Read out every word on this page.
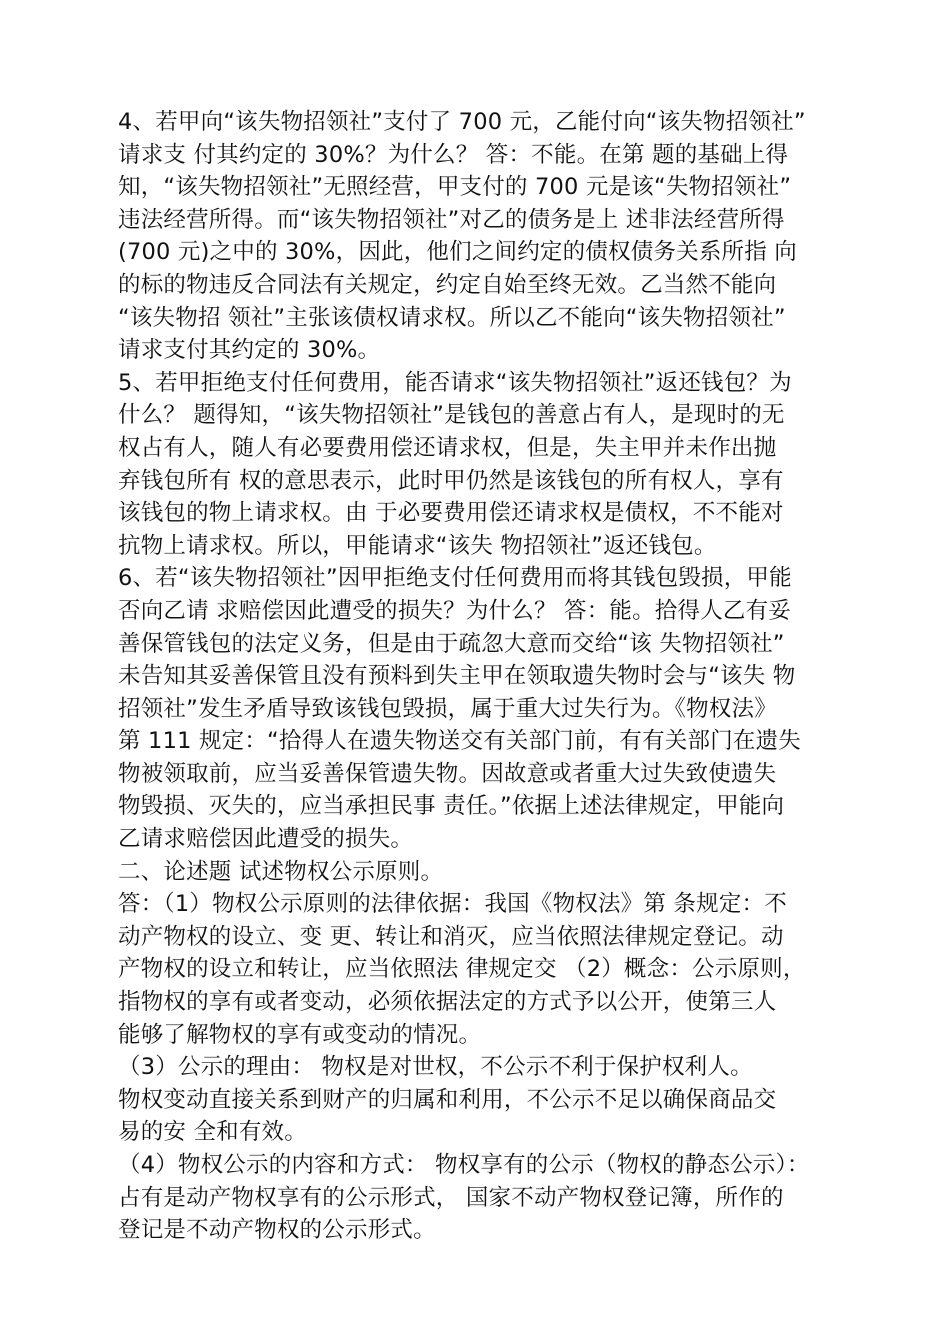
4、若甲向“该失物招领社”支付了 700 元，乙能付向“该失物招领社”
请求支 付其约定的 30%？为什么？ 答：不能。在第 题的基础上得
知，“该失物招领社”无照经营，甲支付的 700 元是该“失物招领社”
违法经营所得。而“该失物招领社”对乙的债务是上 述非法经营所得
(700 元)之中的 30%，因此，他们之间约定的债权债务关系所指 向
的标的物违反合同法有关规定，约定自始至终无效。乙当然不能向
“该失物招 领社”主张该债权请求权。所以乙不能向“该失物招领社”
请求支付其约定的 30%。
5、若甲拒绝支付任何费用，能否请求“该失物招领社”返还钱包？为
什么？ 题得知，“该失物招领社”是钱包的善意占有人，是现时的无
权占有人，随人有必要费用偿还请求权，但是，失主甲并未作出抛
弃钱包所有 权的意思表示，此时甲仍然是该钱包的所有权人，享有
该钱包的物上请求权。由 于必要费用偿还请求权是债权，不不能对
抗物上请求权。所以，甲能请求“该失 物招领社”返还钱包。
6、若“该失物招领社”因甲拒绝支付任何费用而将其钱包毁损，甲能
否向乙请 求赔偿因此遭受的损失？为什么？ 答：能。拾得人乙有妥
善保管钱包的法定义务，但是由于疏忽大意而交给“该 失物招领社”
未告知其妥善保管且没有预料到失主甲在领取遗失物时会与“该失 物
招领社”发生矛盾导致该钱包毁损，属于重大过失行为。《物权法》
第 111 规定：“拾得人在遗失物送交有关部门前，有有关部门在遗失
物被领取前，应当妥善保管遗失物。因故意或者重大过失致使遗失
物毁损、灭失的，应当承担民事 责任。”依据上述法律规定，甲能向
乙请求赔偿因此遭受的损失。
二、论述题 试述物权公示原则。
答：（1）物权公示原则的法律依据：我国《物权法》第 条规定：不
动产物权的设立、变 更、转让和消灭，应当依照法律规定登记。动
产物权的设立和转让，应当依照法 律规定交 （2）概念：公示原则，
指物权的享有或者变动，必须依据法定的方式予以公开，使第三人
能够了解物权的享有或变动的情况。
（3）公示的理由： 物权是对世权，不公示不利于保护权利人。
物权变动直接关系到财产的归属和利用，不公示不足以确保商品交
易的安 全和有效。
（4）物权公示的内容和方式： 物权享有的公示（物权的静态公示）：
占有是动产物权享有的公示形式， 国家不动产物权登记簿，所作的
登记是不动产物权的公示形式。
